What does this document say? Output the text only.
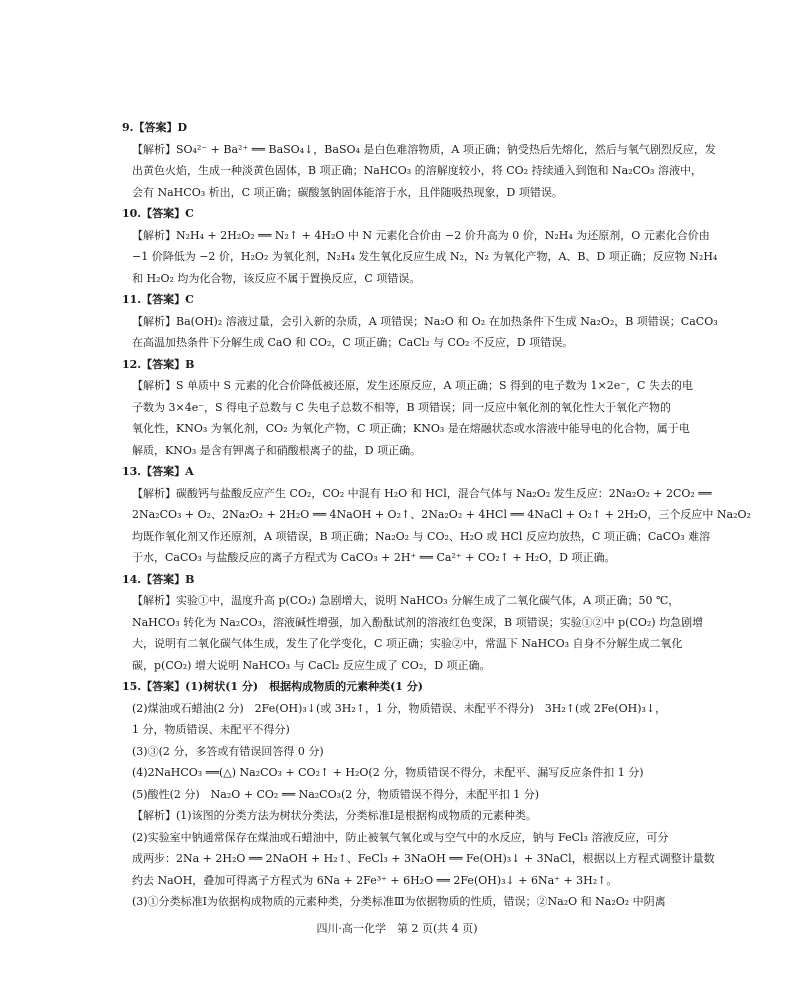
9.【答案】D
【解析】SO₄²⁻ + Ba²⁺ ══ BaSO₄↓，BaSO₄ 是白色难溶物质，A 项正确；钠受热后先熔化，然后与氧气剧烈反应，发
出黄色火焰，生成一种淡黄色固体，B 项正确；NaHCO₃ 的溶解度较小，将 CO₂ 持续通入到饱和 Na₂CO₃ 溶液中，
会有 NaHCO₃ 析出，C 项正确；碳酸氢钠固体能溶于水，且伴随吸热现象，D 项错误。
10.【答案】C
【解析】N₂H₄ + 2H₂O₂ ══ N₂↑ + 4H₂O 中 N 元素化合价由 −2 价升高为 0 价，N₂H₄ 为还原剂，O 元素化合价由
−1 价降低为 −2 价，H₂O₂ 为氧化剂，N₂H₄ 发生氧化反应生成 N₂，N₂ 为氧化产物，A、B、D 项正确；反应物 N₂H₄
和 H₂O₂ 均为化合物，该反应不属于置换反应，C 项错误。
11.【答案】C
【解析】Ba(OH)₂ 溶液过量，会引入新的杂质，A 项错误；Na₂O 和 O₂ 在加热条件下生成 Na₂O₂，B 项错误；CaCO₃
在高温加热条件下分解生成 CaO 和 CO₂，C 项正确；CaCl₂ 与 CO₂ 不反应，D 项错误。
12.【答案】B
【解析】S 单质中 S 元素的化合价降低被还原，发生还原反应，A 项正确；S 得到的电子数为 1×2e⁻，C 失去的电
子数为 3×4e⁻，S 得电子总数与 C 失电子总数不相等，B 项错误；同一反应中氧化剂的氧化性大于氧化产物的
氧化性，KNO₃ 为氧化剂，CO₂ 为氧化产物，C 项正确；KNO₃ 是在熔融状态或水溶液中能导电的化合物，属于电
解质，KNO₃ 是含有钾离子和硝酸根离子的盐，D 项正确。
13.【答案】A
【解析】碳酸钙与盐酸反应产生 CO₂，CO₂ 中混有 H₂O 和 HCl，混合气体与 Na₂O₂ 发生反应：2Na₂O₂ + 2CO₂ ══
2Na₂CO₃ + O₂、2Na₂O₂ + 2H₂O ══ 4NaOH + O₂↑、2Na₂O₂ + 4HCl ══ 4NaCl + O₂↑ + 2H₂O，三个反应中 Na₂O₂
均既作氧化剂又作还原剂，A 项错误，B 项正确；Na₂O₂ 与 CO₂、H₂O 或 HCl 反应均放热，C 项正确；CaCO₃ 难溶
于水，CaCO₃ 与盐酸反应的离子方程式为 CaCO₃ + 2H⁺ ══ Ca²⁺ + CO₂↑ + H₂O，D 项正确。
14.【答案】B
【解析】实验①中，温度升高 p(CO₂) 急剧增大，说明 NaHCO₃ 分解生成了二氧化碳气体，A 项正确；50 ℃，
NaHCO₃ 转化为 Na₂CO₃，溶液碱性增强，加入酚酞试剂的溶液红色变深，B 项错误；实验①②中 p(CO₂) 均急剧增
大，说明有二氧化碳气体生成，发生了化学变化，C 项正确；实验②中，常温下 NaHCO₃ 自身不分解生成二氧化
碳，p(CO₂) 增大说明 NaHCO₃ 与 CaCl₂ 反应生成了 CO₂，D 项正确。
15.【答案】(1)树状(1 分)　根据构成物质的元素种类(1 分)
(2)煤油或石蜡油(2 分)　2Fe(OH)₃↓(或 3H₂↑，1 分，物质错误、未配平不得分)　3H₂↑(或 2Fe(OH)₃↓，
1 分，物质错误、未配平不得分)
(3)③(2 分，多答或有错误回答得 0 分)
(4)2NaHCO₃ ══(△) Na₂CO₃ + CO₂↑ + H₂O(2 分，物质错误不得分，未配平、漏写反应条件扣 1 分)
(5)酸性(2 分)　Na₂O + CO₂ ══ Na₂CO₃(2 分，物质错误不得分，未配平扣 1 分)
【解析】(1)该图的分类方法为树状分类法，分类标准Ⅰ是根据构成物质的元素种类。
(2)实验室中钠通常保存在煤油或石蜡油中，防止被氧气氧化或与空气中的水反应，钠与 FeCl₃ 溶液反应，可分
成两步：2Na + 2H₂O ══ 2NaOH + H₂↑、FeCl₃ + 3NaOH ══ Fe(OH)₃↓ + 3NaCl，根据以上方程式调整计量数
约去 NaOH，叠加可得离子方程式为 6Na + 2Fe³⁺ + 6H₂O ══ 2Fe(OH)₃↓ + 6Na⁺ + 3H₂↑。
(3)①分类标准Ⅰ为依据构成物质的元素种类，分类标准Ⅲ为依据物质的性质，错误；②Na₂O 和 Na₂O₂ 中阴离
四川·高一化学　第 2 页(共 4 页)
